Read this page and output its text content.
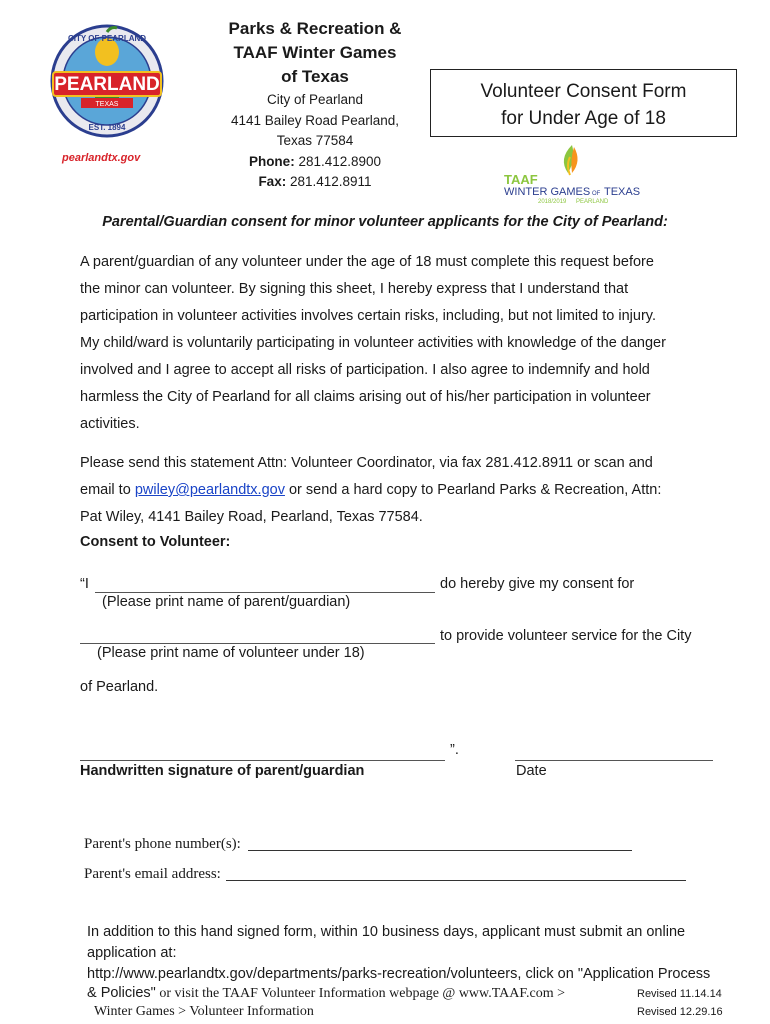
PEARLAND
TEXAS
CITY OF PEARLAND
EST. 1894
pearlandtx.gov
Parks & Recreation &
TAAF Winter Games
of Texas
City of Pearland
4141 Bailey Road Pearland,
Texas 77584
Phone: 281.412.8900
Fax: 281.412.8911
Volunteer Consent Form
for Under Age of 18
TAAF
WINTER GAMES OF TEXAS
2018/2019 PEARLAND
Parental/Guardian consent for minor volunteer applicants for the City of Pearland:
A parent/guardian of any volunteer under the age of 18 must complete this request before
the minor can volunteer. By signing this sheet, I hereby express that I understand that
participation in volunteer activities involves certain risks, including, but not limited to injury.
My child/ward is voluntarily participating in volunteer activities with knowledge of the danger
involved and I agree to accept all risks of participation. I also agree to indemnify and hold
harmless the City of Pearland for all claims arising out of his/her participation in volunteer
activities.
Please send this statement Attn: Volunteer Coordinator, via fax 281.412.8911 or scan and
email to pwiley@pearlandtx.gov or send a hard copy to Pearland Parks & Recreation, Attn:
Pat Wiley, 4141 Bailey Road, Pearland, Texas 77584.
Consent to Volunteer:
“I	do hereby give my consent for
(Please print name of parent/guardian)
to provide volunteer service for the City
(Please print name of volunteer under 18)
of Pearland.
”.
Handwritten signature of parent/guardian	Date
Parent's phone number(s):
Parent's email address:
In addition to this hand signed form, within 10 business days, applicant must submit an online
application at:
http://www.pearlandtx.gov/departments/parks-recreation/volunteers, click on "Application Process
& Policies" or visit the TAAF Volunteer Information webpage @ www.TAAF.com >
Winter Games > Volunteer Information
Revised 11.14.14
Revised 12.29.16
